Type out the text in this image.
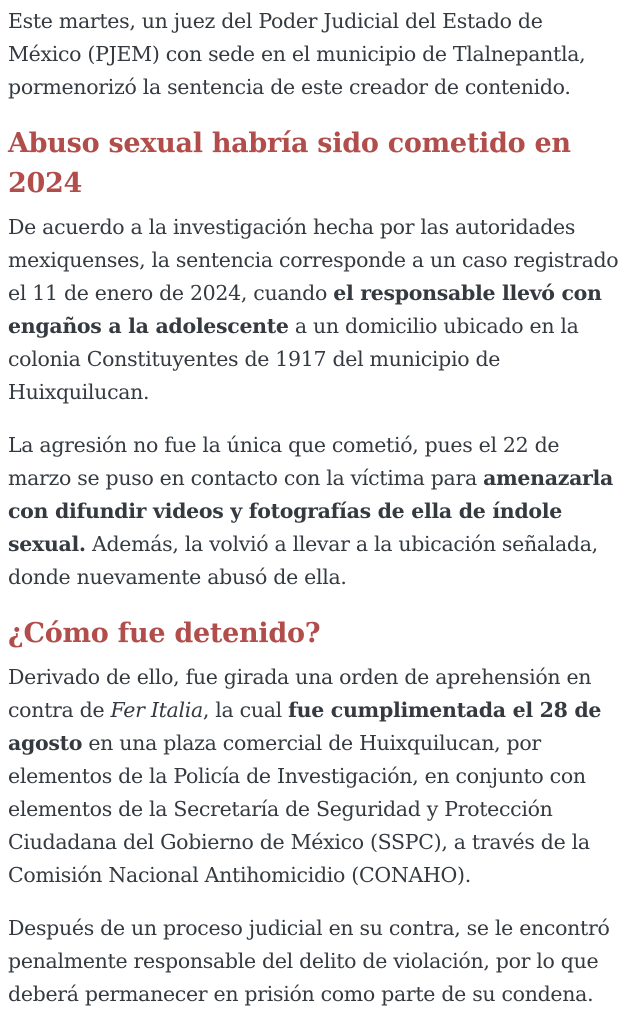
Este martes, un juez del Poder Judicial del Estado de México (PJEM) con sede en el municipio de Tlalnepantla, pormenorizó la sentencia de este creador de contenido.

Abuso sexual habría sido cometido en 2024

De acuerdo a la investigación hecha por las autoridades mexiquenses, la sentencia corresponde a un caso registrado el 11 de enero de 2024, cuando el responsable llevó con engaños a la adolescente a un domicilio ubicado en la colonia Constituyentes de 1917 del municipio de Huixquilucan.

La agresión no fue la única que cometió, pues el 22 de marzo se puso en contacto con la víctima para amenazarla con difundir videos y fotografías de ella de índole sexual. Además, la volvió a llevar a la ubicación señalada, donde nuevamente abusó de ella.

¿Cómo fue detenido?

Derivado de ello, fue girada una orden de aprehensión en contra de Fer Italia, la cual fue cumplimentada el 28 de agosto en una plaza comercial de Huixquilucan, por elementos de la Policía de Investigación, en conjunto con elementos de la Secretaría de Seguridad y Protección Ciudadana del Gobierno de México (SSPC), a través de la Comisión Nacional Antihomicidio (CONAHO).

Después de un proceso judicial en su contra, se le encontró penalmente responsable del delito de violación, por lo que deberá permanecer en prisión como parte de su condena.
